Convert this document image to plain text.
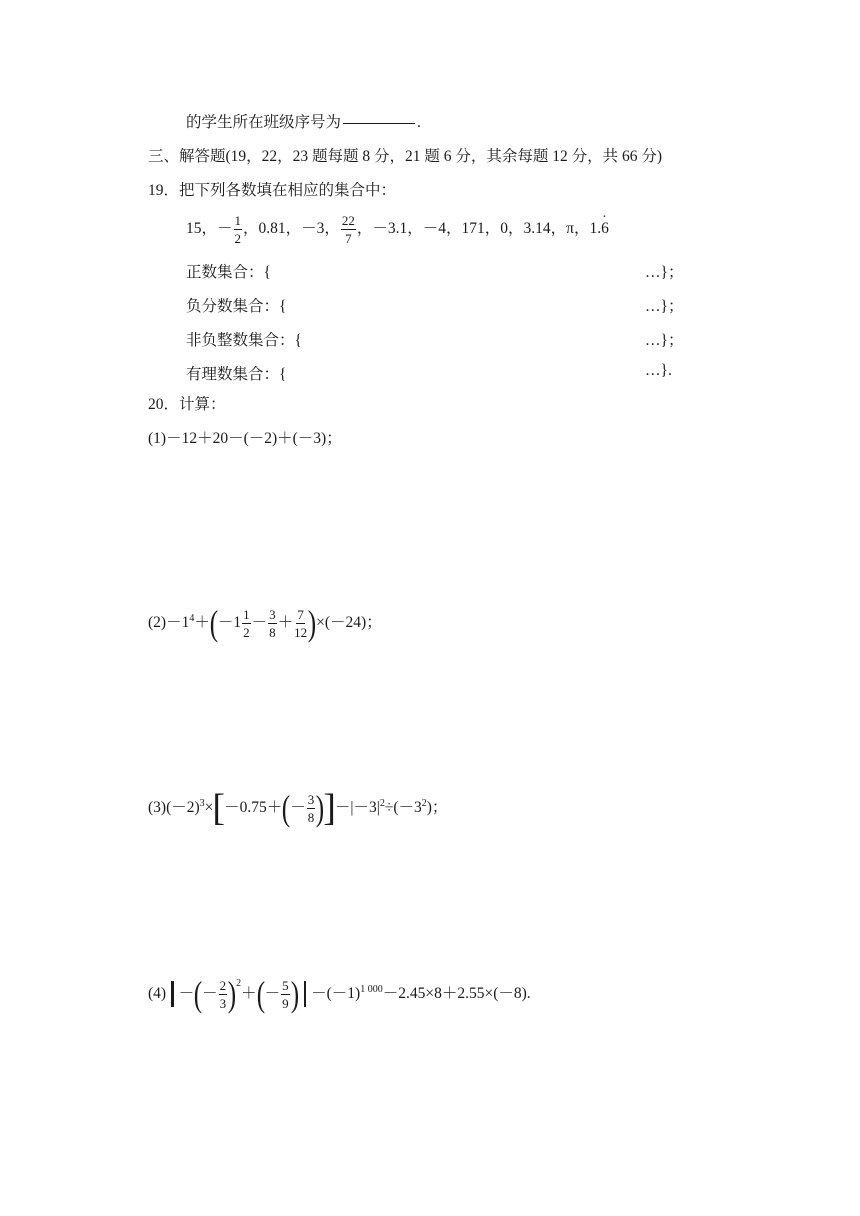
的学生所在班级序号为	.
三、解答题(19，22，23 题每题 8 分，21 题 6 分，其余每题 12 分，共 66 分)
19．把下列各数填在相应的集合中：
15，－ $\frac{1}{2}$ ，0.81，－3， $\frac{22}{7}$ ，－3.1，－4，171，0，3.14，π，1.· 6
正数集合：{	…}；
负分数集合：{	…}；
非负整数集合：{	…}；
有理数集合：{	…}.
20．计算：
(1)－12＋20－(－2)＋(－3)；
$(2)-1^4+(-1 \frac{1}{2} - \frac{3}{8} + \frac{7}{12} )\times(-24)$；
$(3)(-2)^3\times[-0.75+(- \frac{3}{8} )]-|-3|^2\div(-3^2)$；
(4) －(－ $\frac{2}{3} )^2+(- \frac{5}{9}$ ) $-(-1)^{1 000}-2.45\times 8+2.55\times(-8)$.
